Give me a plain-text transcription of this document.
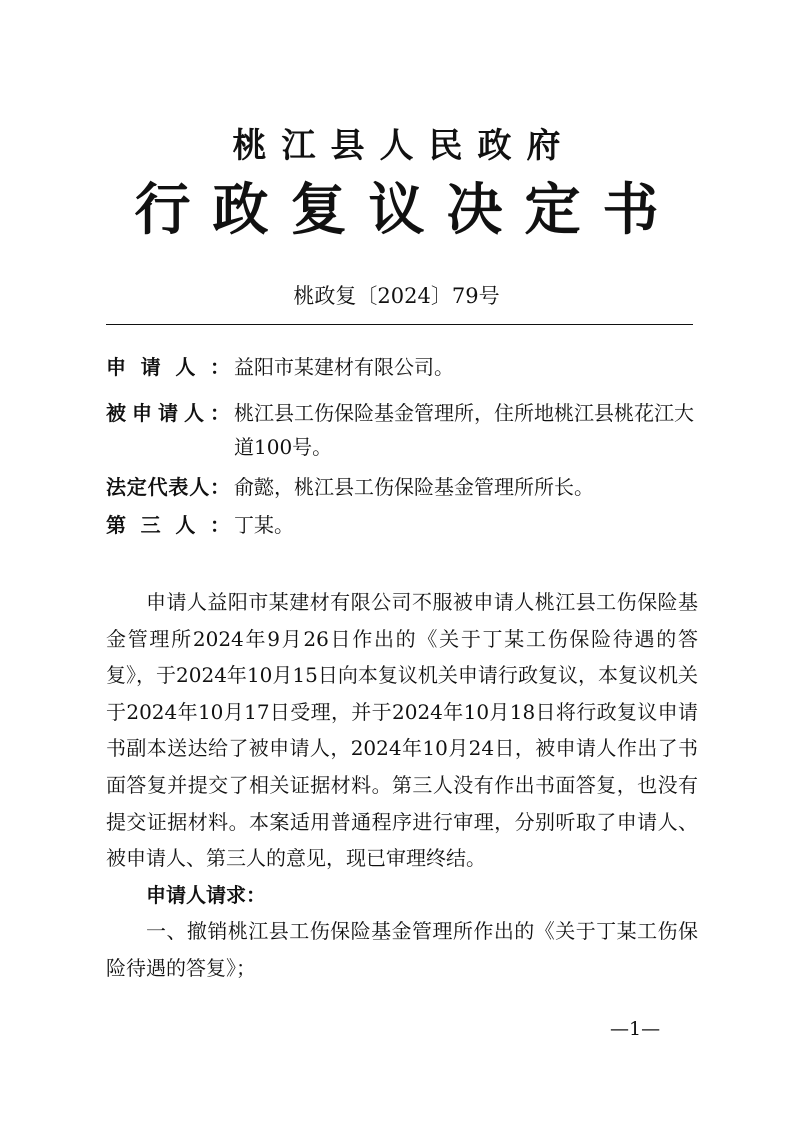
桃江县人民政府
行政复议决定书
桃政复〔2024〕79号
申 请 人 ： 益阳市某建材有限公司。
被 申 请 人 ： 桃江县工伤保险基金管理所，住所地桃江县桃花江大道100号。
法 定 代 表 人 ： 俞懿，桃江县工伤保险基金管理所所长。
第 三 人 ： 丁某。

申请人益阳市某建材有限公司不服被申请人桃江县工伤保险基金管理所2024年9月26日作出的《关于丁某工伤保险待遇的答复》，于2024年10月15日向本复议机关申请行政复议，本复议机关于2024年10月17日受理，并于2024年10月18日将行政复议申请书副本送达给了被申请人，2024年10月24日，被申请人作出了书面答复并提交了相关证据材料。第三人没有作出书面答复，也没有提交证据材料。本案适用普通程序进行审理，分别听取了申请人、被申请人、第三人的意见，现已审理终结。

申请人请求：

一、撤销桃江县工伤保险基金管理所作出的《关于丁某工伤保险待遇的答复》；

—1—
